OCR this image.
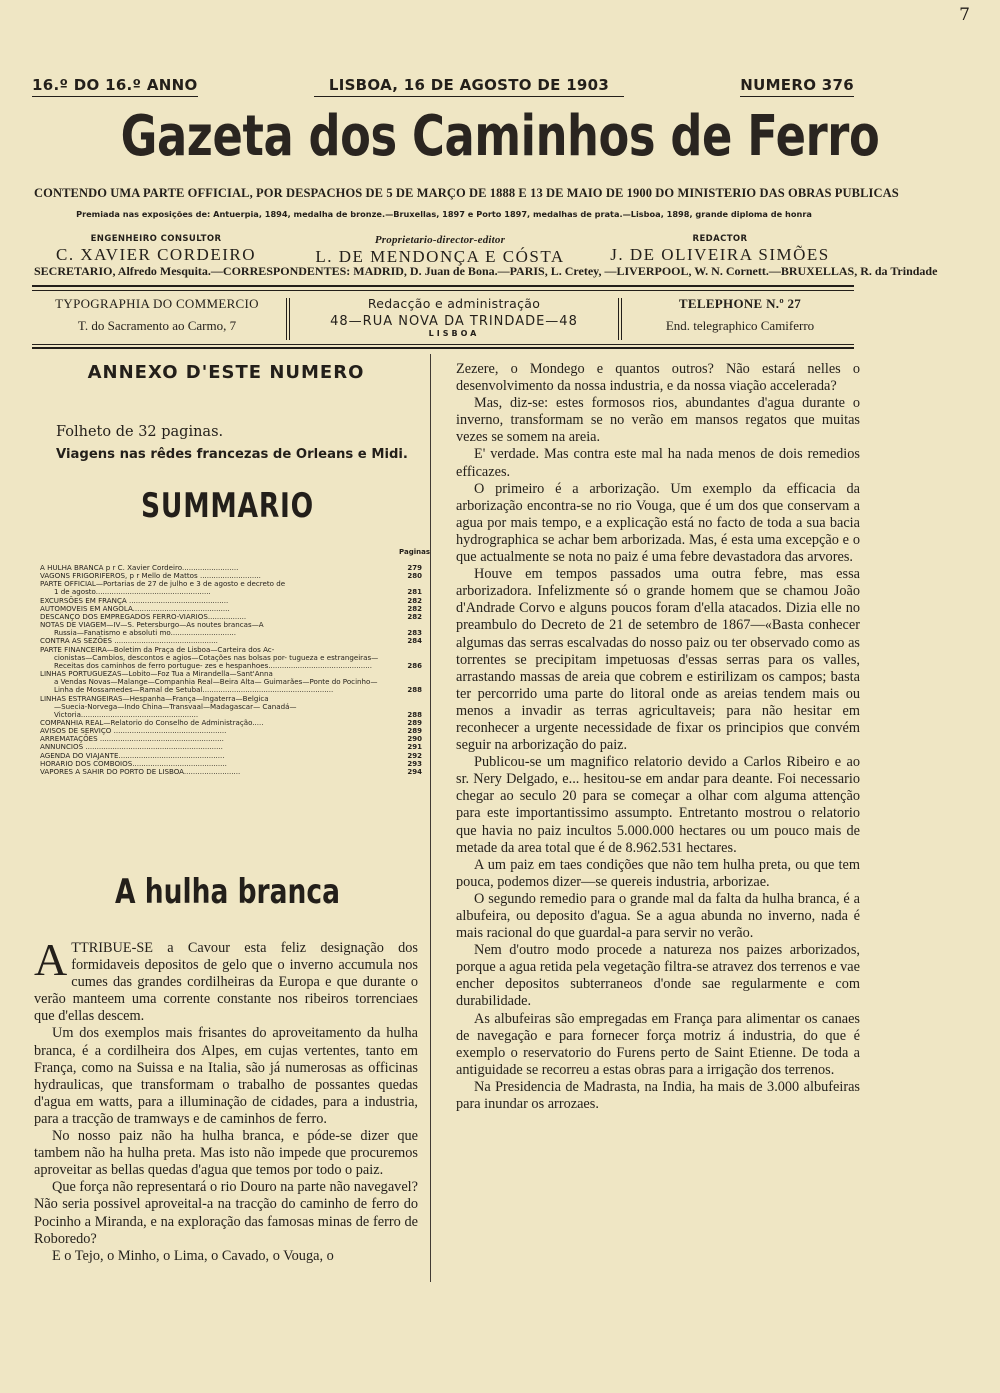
7
16.º DO 16.º ANNO	LISBOA, 16 DE AGOSTO DE 1903	NUMERO 376
Gazeta dos Caminhos de Ferro
CONTENDO UMA PARTE OFFICIAL, POR DESPACHOS DE 5 DE MARÇO DE 1888 E 13 DE MAIO DE 1900 DO MINISTERIO DAS OBRAS PUBLICAS
Premiada nas exposições de: Antuerpia, 1894, medalha de bronze.—Bruxellas, 1897 e Porto 1897, medalhas de prata.—Lisboa, 1898, grande diploma de honra
ENGENHEIRO CONSULTOR
C. XAVIER CORDEIRO
Proprietario-director-editor
L. DE MENDONÇA E CÓSTA
REDACTOR
J. DE OLIVEIRA SIMÕES
SECRETARIO, Alfredo Mesquita.—CORRESPONDENTES: MADRID, D. Juan de Bona.—PARIS, L. Cretey, —LIVERPOOL, W. N. Cornett.—BRUXELLAS, R. da Trindade
TYPOGRAPHIA DO COMMERCIO
T. do Sacramento ao Carmo, 7
Redacção e administração
48—RUA NOVA DA TRINDADE—48
LISBOA
TELEPHONE N.º 27
End. telegraphico Camiferro
ANNEXO D'ESTE NUMERO
Folheto de 32 paginas.
Viagens nas rêdes francezas de Orleans e Midi.
SUMMARIO
Paginas
A HULHA BRANCA p r C. Xavier Cordeiro.........................	279
VAGONS FRIGORIFEROS, p r Mello de Mattos ...........................	280
PARTE OFFICIAL—Portarias de 27 de julho e 3 de agosto e decreto de
1 de agosto...................................................	281
EXCURSÕES EM FRANÇA ............................................	282
AUTOMOVEIS EM ANGOLA...........................................	282
DESCANÇO DOS EMPREGADOS FERRO-VIARIOS.................	282
NOTAS DE VIAGEM—IV—S. Petersburgo—As noutes brancas—A
Russia—Fanatismo e absoluti mo.............................	283
CONTRA AS SEZÕES ..............................................	284
PARTE FINANCEIRA—Boletim da Praça de Lisboa—Carteira dos Ac-
cionistas—Cambios, descontos e agios—Cotações nas bolsas por- tugueza e estrangeiras—Receitas dos caminhos de ferro portugue- zes e hespanhoes..............................................	286
LINHAS PORTUGUEZAS—Lobito—Foz Tua a Mirandella—Sant'Anna
a Vendas Novas—Malange—Companhia Real—Beira Alta— Guimarães—Ponte do Pocinho—Linha de Mossamedes—Ramal de Setubal..........................................................	288
LINHAS ESTRANGEIRAS—Hespanha—França—Ingaterra—Belgica
—Suecia-Norvega—Indo China—Transvaal—Madagascar— Canadá—Victoria....................................................	288
COMPANHIA REAL—Relatorio do Conselho de Administração.....	289
AVISOS DE SERVIÇO ..................................................	289
ARREMATAÇÕES .......................................................	290
ANNUNCIOS .............................................................	291
AGENDA DO VIAJANTE...............................................	292
HORARIO DOS COMBOIOS..........................................	293
VAPORES A SAHIR DO PORTO DE LISBOA.........................	294
A hulha branca

ATTRIBUE-SE a Cavour esta feliz designação dos formidaveis depositos de gelo que o inverno accumula nos cumes das grandes cordilheiras da Europa e que durante o verão manteem uma corrente constante nos ribeiros torrenciaes que d'ellas descem.

Um dos exemplos mais frisantes do aproveitamento da hulha branca, é a cordilheira dos Alpes, em cujas vertentes, tanto em França, como na Suissa e na Italia, são já numerosas as officinas hydraulicas, que transformam o trabalho de possantes quedas d'agua em watts, para a illuminação de cidades, para a industria, para a tracção de tramways e de caminhos de ferro.

No nosso paiz não ha hulha branca, e póde-se dizer que tambem não ha hulha preta. Mas isto não impede que procuremos aproveitar as bellas quedas d'agua que temos por todo o paiz.

Que força não representará o rio Douro na parte não navegavel? Não seria possivel aproveital-a na tracção do caminho de ferro do Pocinho a Miranda, e na exploração das famosas minas de ferro de Roboredo?

E o Tejo, o Minho, o Lima, o Cavado, o Vouga, o

Zezere, o Mondego e quantos outros? Não estará nelles o desenvolvimento da nossa industria, e da nossa viação accelerada?

Mas, diz-se: estes formosos rios, abundantes d'agua durante o inverno, transformam se no verão em mansos regatos que muitas vezes se somem na areia.

E' verdade. Mas contra este mal ha nada menos de dois remedios efficazes.

O primeiro é a arborização. Um exemplo da efficacia da arborização encontra-se no rio Vouga, que é um dos que conservam a agua por mais tempo, e a explicação está no facto de toda a sua bacia hydrographica se achar bem arborizada. Mas, é esta uma excepção e o que actualmente se nota no paiz é uma febre devastadora das arvores.

Houve em tempos passados uma outra febre, mas essa arborizadora. Infelizmente só o grande homem que se chamou João d'Andrade Corvo e alguns poucos foram d'ella atacados. Dizia elle no preambulo do Decreto de 21 de setembro de 1867—«Basta conhecer algumas das serras escalvadas do nosso paiz ou ter observado como as torrentes se precipitam impetuosas d'essas serras para os valles, arrastando massas de areia que cobrem e estirilizam os campos; basta ter percorrido uma parte do litoral onde as areias tendem mais ou menos a invadir as terras agricultaveis; para não hesitar em reconhecer a urgente necessidade de fixar os principios que convém seguir na arborização do paiz.

Publicou-se um magnifico relatorio devido a Carlos Ribeiro e ao sr. Nery Delgado, e... hesitou-se em andar para deante. Foi necessario chegar ao seculo 20 para se começar a olhar com alguma attenção para este importantissimo assumpto. Entretanto mostrou o relatorio que havia no paiz incultos 5.000.000 hectares ou um pouco mais de metade da area total que é de 8.962.531 hectares.

A um paiz em taes condições que não tem hulha preta, ou que tem pouca, podemos dizer—se quereis industria, arborizae.

O segundo remedio para o grande mal da falta da hulha branca, é a albufeira, ou deposito d'agua. Se a agua abunda no inverno, nada é mais racional do que guardal-a para servir no verão.

Nem d'outro modo procede a natureza nos paizes arborizados, porque a agua retida pela vegetação filtra-se atravez dos terrenos e vae encher depositos subterraneos d'onde sae regularmente e com durabilidade.

As albufeiras são empregadas em França para alimentar os canaes de navegação e para fornecer força motriz á industria, do que é exemplo o reservatorio do Furens perto de Saint Etienne. De toda a antiguidade se recorreu a estas obras para a irrigação dos terrenos.

Na Presidencia de Madrasta, na India, ha mais de 3.000 albufeiras para inundar os arrozaes.
